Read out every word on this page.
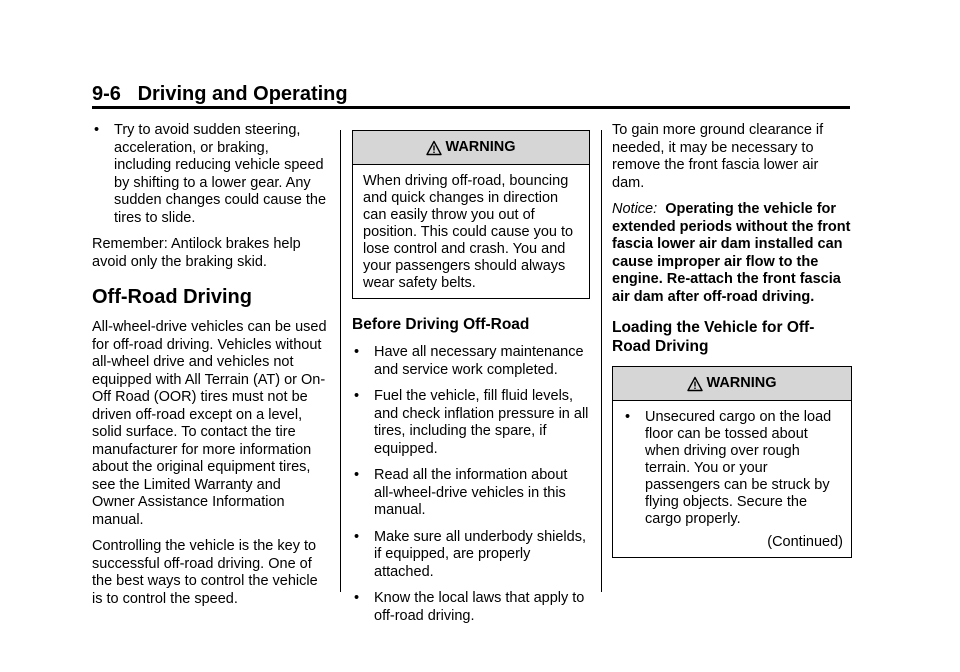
9-6 Driving and Operating
• Try to avoid sudden steering, acceleration, or braking, including reducing vehicle speed by shifting to a lower gear. Any sudden changes could cause the tires to slide.

Remember: Antilock brakes help avoid only the braking skid.

Off-Road Driving

All-wheel-drive vehicles can be used for off-road driving. Vehicles without all-wheel drive and vehicles not equipped with All Terrain (AT) or On-Off Road (OOR) tires must not be driven off-road except on a level, solid surface. To contact the tire manufacturer for more information about the original equipment tires, see the Limited Warranty and Owner Assistance Information manual.

Controlling the vehicle is the key to successful off-road driving. One of the best ways to control the vehicle is to control the speed.

WARNING
When driving off-road, bouncing and quick changes in direction can easily throw you out of position. This could cause you to lose control and crash. You and your passengers should always wear safety belts.
Before Driving Off-Road
• Have all necessary maintenance and service work completed.
• Fuel the vehicle, fill fluid levels, and check inflation pressure in all tires, including the spare, if equipped.
• Read all the information about all-wheel-drive vehicles in this manual.
• Make sure all underbody shields, if equipped, are properly attached.
• Know the local laws that apply to off-road driving.

To gain more ground clearance if needed, it may be necessary to remove the front fascia lower air dam.

Notice: Operating the vehicle for extended periods without the front fascia lower air dam installed can cause improper air flow to the engine. Re-attach the front fascia air dam after off-road driving.

Loading the Vehicle for Off-Road Driving
WARNING
• Unsecured cargo on the load floor can be tossed about when driving over rough terrain. You or your passengers can be struck by flying objects. Secure the cargo properly.
(Continued)
